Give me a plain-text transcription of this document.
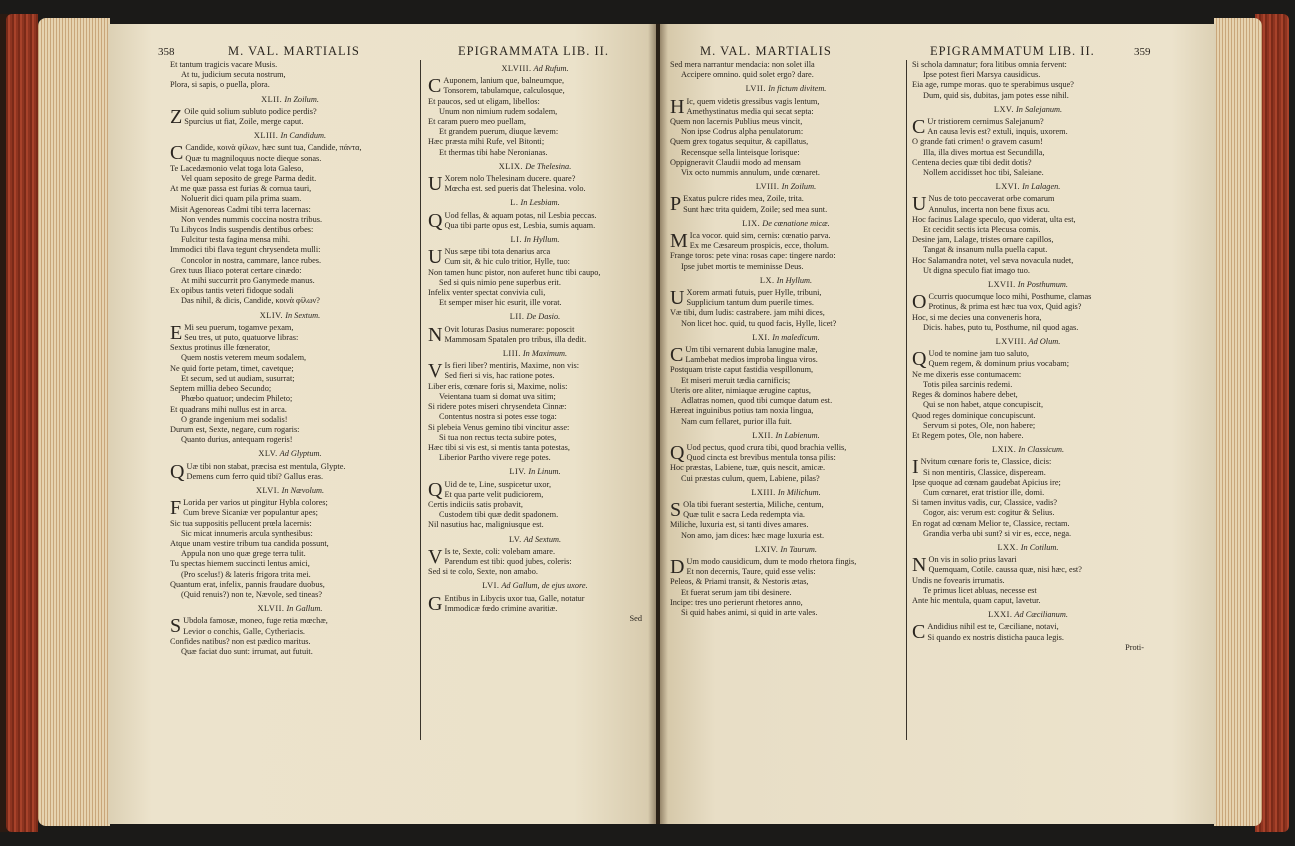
358	M. VAL. MARTIALIS	EPIGRAMMATA LIB. II.	M. VAL. MARTIALIS	EPIGRAMMATUM LIB. II.	359
Et tantum tragicis vacare Musis.
At tu, judicium secuta nostrum,
Plora, si sapis, o puella, plora.
XLII. In Zoilum.
Z Oile quid solium subluto podice perdis?
Spurcius ut fiat, Zoile, merge caput.
XLIII. In Candidum.
C Candide, κοινὰ φίλων, hæc sunt tua, Candide, πάντα,
Quæ tu magniloquus nocte dieque sonas.
Te Lacedæmonio velat toga lota Galeso,
Vel quam seposito de grege Parma dedit.
At me quæ passa est furias & cornua tauri,
Noluerit dici quam pila prima suam.
Misit Agenoreas Cadmi tibi terra lacernas:
Non vendes nummis coccina nostra tribus.
Tu Libycos Indis suspendis dentibus orbes:
Fulcitur testa fagina mensa mihi.
Immodici tibi flava tegunt chrysendeta mulli:
Concolor in nostra, cammare, lance rubes.
Grex tuus Iliaco poterat certare cinædo:
At mihi succurrit pro Ganymede manus.
Ex opibus tantis veteri fidoque sodali
Das nihil, & dicis, Candide, κοινὰ φίλων?
XLIV. In Sextum.
E Mi seu puerum, togamve pexam,
Seu tres, ut puto, quatuorve libras:
Sextus protinus ille fœnerator,
Quem nostis veterem meum sodalem,
Ne quid forte petam, timet, cavetque;
Et secum, sed ut audiam, susurrat;
Septem millia debeo Secundo;
Phœbo quatuor; undecim Phileto;
Et quadrans mihi nullus est in arca.
O grande ingenium mei sodalis!
Durum est, Sexte, negare, cum rogaris:
Quanto durius, antequam rogeris!
XLV. Ad Glyptum.
Q Uæ tibi non stabat, præcisa est mentula, Glypte.
Demens cum ferro quid tibi? Gallus eras.
XLVI. In Nævolum.
F Lorida per varios ut pingitur Hybla colores;
Cum breve Sicaniæ ver populantur apes;
Sic tua suppositis pellucent prœla lacernis:
Sic micat innumeris arcula synthesibus:
Atque unam vestire tribum tua candida possunt,
Appula non uno quæ grege terra tulit.
Tu spectas hiemem succincti lentus amici,
(Pro scelus!) & lateris frigora trita mei.
Quantum erat, infelix, pannis fraudare duobus,
(Quid renuis?) non te, Nævole, sed tineas?
XLVII. In Gallum.
S Ubdola famosæ, moneo, fuge retia mœchæ,
Levior o conchis, Galle, Cytheriacis.
Confides natibus? non est pædico maritus.
Quæ faciat duo sunt: irrumat, aut futuit.
XLVIII. Ad Rufum.
C Auponem, lanium que, balneumque,
Tonsorem, tabulamque, calculosque,
Et paucos, sed ut eligam, libellos:
Unum non nimium rudem sodalem,
Et caram puero meo puellam,
Et grandem puerum, diuque lævem:
Hæc præsta mihi Rufe, vel Bitonti;
Et thermas tibi habe Neronianas.
XLIX. De Thelesina.
U Xorem nolo Thelesinam ducere. quare?
Mœcha est. sed pueris dat Thelesina. volo.
L. In Lesbiam.
Q Uod fellas, & aquam potas, nil Lesbia peccas.
Qua tibi parte opus est, Lesbia, sumis aquam.
LI. In Hyllum.
U Nus sæpe tibi tota denarius arca
Cum sit, & hic culo tritior, Hylle, tuo:
Non tamen hunc pistor, non auferet hunc tibi caupo,
Sed si quis nimio pene superbus erit.
Infelix venter spectat convivia culi,
Et semper miser hic esurit, ille vorat.
LII. De Dasio.
N Ovit loturas Dasius numerare: poposcit
Mammosam Spatalen pro tribus, illa dedit.
LIII. In Maximum.
V Is fieri liber? mentiris, Maxime, non vis:
Sed fieri si vis, hac ratione potes.
Liber eris, cœnare foris si, Maxime, nolis:
Veientana tuam si domat uva sitim;
Si ridere potes miseri chrysendeta Cinnæ:
Contentus nostra si potes esse toga:
Si plebeia Venus gemino tibi vincitur asse:
Si tua non rectus tecta subire potes,
Hæc tibi si vis est, si mentis tanta potestas,
Liberior Partho vivere rege potes.
LIV. In Linum.
Q Uid de te, Line, suspicetur uxor,
Et qua parte velit pudiciorem,
Certis indiciis satis probavit,
Custodem tibi quæ dedit spadonem.
Nil nasutius hac, maligniusque est.
LV. Ad Sextum.
V Is te, Sexte, coli: volebam amare.
Parendum est tibi: quod jubes, coleris:
Sed si te colo, Sexte, non amabo.
LVI. Ad Gallum, de ejus uxore.
G Entibus in Libycis uxor tua, Galle, notatur
Immodicæ fœdo crimine avaritiæ.
Sed
Sed mera narrantur mendacia: non solet illa
Accipere omnino. quid solet ergo? dare.
LVII. In fictum divitem.
H Ic, quem videtis gressibus vagis lentum,
Amethystinatus media qui secat septa:
Quem non lacernis Publius meus vincit,
Non ipse Codrus alpha penulatorum:
Quem grex togatus sequitur, & capillatus,
Recensque sella linteisque lorisque:
Oppigneravit Claudii modo ad mensam
Vix octo nummis annulum, unde cœnaret.
LVIII. In Zoilum.
P Exatus pulcre rides mea, Zoile, trita.
Sunt hæc trita quidem, Zoile; sed mea sunt.
LIX. De cœnatione micæ.
M Ica vocor. quid sim, cernis: cœnatio parva.
Ex me Cæsareum prospicis, ecce, tholum.
Frange toros: pete vina: rosas cape: tingere nardo:
Ipse jubet mortis te meminisse Deus.
LX. In Hyllum.
U Xorem armati futuis, puer Hylle, tribuni,
Supplicium tantum dum puerile times.
Væ tibi, dum ludis: castrabere. jam mihi dices,
Non licet hoc. quid, tu quod facis, Hylle, licet?
LXI. In maledicum.
C Um tibi vernarent dubia lanugine malæ,
Lambebat medios improba lingua viros.
Postquam triste caput fastidia vespillonum,
Et miseri meruit tædia carnificis;
Uteris ore aliter, nimiaque ærugine captus,
Adlatras nomen, quod tibi cumque datum est.
Hæreat inguinibus potius tam noxia lingua,
Nam cum fellaret, purior illa fuit.
LXII. In Labienum.
Q Uod pectus, quod crura tibi, quod brachia vellis,
Quod cincta est brevibus mentula tonsa pilis:
Hoc præstas, Labiene, tuæ, quis nescit, amicæ.
Cui præstas culum, quem, Labiene, pilas?
LXIII. In Milichum.
S Ola tibi fuerant sestertia, Miliche, centum,
Quæ tulit e sacra Leda redempta via.
Miliche, luxuria est, si tanti dives amares.
Non amo, jam dices: hæc mage luxuria est.
LXIV. In Taurum.
D Um modo causidicum, dum te modo rhetora fingis,
Et non decernis, Taure, quid esse velis:
Peleos, & Priami transit, & Nestoris ætas,
Et fuerat serum jam tibi desinere.
Incipe: tres uno perierunt rhetores anno,
Si quid habes animi, si quid in arte vales.
Si schola damnatur; fora litibus omnia fervent:
Ipse potest fieri Marsya causidicus.
Eia age, rumpe moras. quo te sperabimus usque?
Dum, quid sis, dubitas, jam potes esse nihil.
LXV. In Salejanum.
C Ur tristiorem cernimus Salejanum?
An causa levis est? extuli, inquis, uxorem.
O grande fati crimen! o gravem casum!
Illa, illa dives mortua est Secundilla,
Centena decies quæ tibi dedit dotis?
Nollem accidisset hoc tibi, Saleiane.
LXVI. In Lalagen.
U Nus de toto peccaverat orbe comarum
Annulus, incerta non bene fixus acu.
Hoc facinus Lalage speculo, quo viderat, ulta est,
Et cecidit sectis icta Plecusa comis.
Desine jam, Lalage, tristes ornare capillos,
Tangat & insanum nulla puella caput.
Hoc Salamandra notet, vel sæva novacula nudet,
Ut digna speculo fiat imago tuo.
LXVII. In Posthumum.
O Ccurris quocumque loco mihi, Posthume, clamas
Protinus, & prima est hæc tua vox, Quid agis?
Hoc, si me decies una conveneris hora,
Dicis. habes, puto tu, Posthume, nil quod agas.
LXVIII. Ad Olum.
Q Uod te nomine jam tuo saluto,
Quem regem, & dominum prius vocabam;
Ne me dixeris esse contumacem:
Totis pilea sarcinis redemi.
Reges & dominos habere debet,
Qui se non habet, atque concupiscit,
Quod reges dominique concupiscunt.
Servum si potes, Ole, non habere;
Et Regem potes, Ole, non habere.
LXIX. In Classicum.
I Nvitum cœnare foris te, Classice, dicis:
Si non mentiris, Classice, dispeream.
Ipse quoque ad cœnam gaudebat Apicius ire;
Cum cœnaret, erat tristior ille, domi.
Si tamen invitus vadis, cur, Classice, vadis?
Cogor, ais: verum est: cogitur & Selius.
En rogat ad cœnam Melior te, Classice, rectam.
Grandia verba ubi sunt? si vir es, ecce, nega.
LXX. In Cotilum.
N On vis in solio prius lavari
Quemquam, Cotile. caussa quæ, nisi hæc, est?
Undis ne fovearis irrumatis.
Te primus licet abluas, necesse est
Ante hic mentula, quam caput, lavetur.
LXXI. Ad Cæcilianum.
C Andidius nihil est te, Cæciliane, notavi,
Si quando ex nostris disticha pauca legis.
Proti-
